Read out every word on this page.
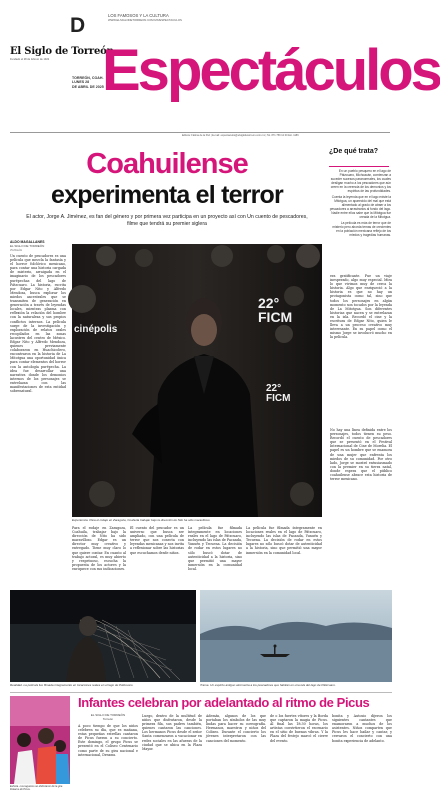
El Siglo de Torreón
Fundado el 28 de febrero de 1922
D
TORREÓN, COAH.
LUNES 28
DE ABRIL DE 2025
LOS FAMOSOS Y LA CULTURA
WWW.ELSIGLODETORREON.COM.MX/ESPECTACULOS
Espectáculos
Editora: Fátima de la Paz | E-mail: espectaculos@elsiglodetorreon.com.mx | Tel. 871 759 12 00 Ext. 1186
¿De qué trata?

En un pueblo pesquero en el lago de Pátzcuaro, Michoacán, comienzan a suceder sucesos paranormales, los cuales desligan mucho a los pescadores que aún creen en la creencia de los demonios y los espíritus de las profundidades.

Cuenta la leyenda que en el lago existe la Mitotgua, un aparecido del mal que está alimentado al grado de atraer a los pescadores a arrastrarlos al fondo del lago. Nadie entre ellos sabe que la Mitotgua fue creada de la Mitotgua.

La película es más de terror que de misterio pero aborda temas de crecientes en la población mexicana reflejo de los miedos y tragedias humanas.

Coahuilense
experimenta el terror
El actor, Jorge A. Jiménez, es fan del género y por primera vez participa en un proyecto así con Un cuento de pescadores, filme que tendrá su premier siglera
ALDO MAGALLANES
EL SIGLO DE TORREÓN
Torreón
Un cuento de pescadores es una película que mezcla la fantasía y el horror folclórico mexicano, para contar una historia cargada de misterio, arraigada en el imaginario de los pescadores purépechas del lago de Pátzcuaro. La historia, escrita por Edgar Nito y Alfredo Mendoza, busca explorar los miedos ancestrales que se transmiten de generación en generación a través de leyendas locales, mientras plasma con reflexión la relación del hombre con la naturaleza y sus propios conflictos internos. La película surge de la investigación y exploración de relatos orales recopilados en las zonas lacustres del centro de México. Edgar Nito y Alfredo Mendoza, quienes previamente colaboraron en Huachicolero, encontraron en la historia de La Mitotgua una oportunidad única para contar elementos del horror con la antología purépecha. La idea fue desarrollar una narrativa donde los demonios internos de los personajes se entrelazan con las manifestaciones de esta entidad sobrenatural.
cinépolis
22°
FICM
22°
FICM
Experiencia. Para el rodaje en Zaragoza, Coahuila trabajar bajo la dirección de Nito ha sido maravilloso.
Para el rodaje en Zaragoza, Coahuila, trabajar bajo la dirección de Nito ha sido maravilloso. Edgar es un director muy creativo y entregado. Tiene muy claro lo que quiere contar. En cuanto al trabajo actoral, es muy abierto y respetuoso, escucha la propuesta de los actores y la enriquece con sus indicaciones.
El cuento del pescador es un universo que busca ser ampliado, con una película de terror que nos conecta con leyendas mexicanas y nos invita a reflexionar sobre las historias que escuchamos desde niños.
La película fue filmada íntegramente en locaciones reales en el lago de Pátzcuaro, incluyendo las islas de Pacanda, Yunuén y Tecuena. La decisión de rodar en estos lugares no sólo buscó dotar de autenticidad a la historia, sino que permitió una mayor inmersión en la comunidad local.
La película fue filmada íntegramente en locaciones reales en el lago de Pátzcuaro, incluyendo las islas de Pacanda, Yunuén y Tecuena. La decisión de rodar en estos lugares no sólo buscó dotar de autenticidad a la historia, sino que permitió una mayor inmersión en la comunidad local.
era gratificante. Fue un viaje inesperado, algo muy especial. Mira lo que vivimos muy de cerca la historia. Algo que enriqueció a la historia es que no hay un protagonista como tal, sino que todos los personajes en algún momento son tocados por la leyenda de La Mitotgua. Son diferentes historias que nacen y se entrelazan en la isla. Recordó el cine y la escritura de Edgar Nito, quien le lleva a un proceso creativo muy interesante. En su papel como el mismo Jorge se involucró mucho en la película.
No hay una línea definida entre los personajes, todos tienen su peso. Recordó el cuento de pescadores que se presentó en el Festival Internacional de Cine de Morelia. El papel es un hombre que se enamora de una mujer que enfrenta los miedos de su comunidad. Por otro lado, Jorge se mostró entusiasmado con la premier en su tierra natal, donde espera que el público coahuilense abrace esta historia de terror mexicano.
Realidad. La película fue filmada íntegramente en locaciones reales en el lago de Pátzcuaro.	Trama. Un espíritu antiguo atormenta a los pescadores que habitan en una isla del lago de Pátzcuaro.
Euforia. Los lagueros se disfrutaron de la gira Dreams de Picus.
Infantes celebran por adelantado al ritmo de Picus
EL SIGLO DE TORREÓN
Torreón
A poco tiempo de que los niños celebren su día, que es mañana, estas pequeñas estrellas cantaron de Picus fueron a su concierto. Este domingo, el grupo Picus se presentó en el Coliseo Centenario como parte de su gira nacional e internacional, Dreams.
Luego, dentro de la multitud de niños que disfrutaron, desde la primera fila, sus padres también, quienes cantaron las canciones. Los hermanos Picus desde el señor Santa comenzaron a vacacionar en redes sociales en las afueras de la ciudad que se ubica en la Plaza Mayor.
Además, algunos de los que portaban los símbolos de las muy lindas para hacer su coreografía. Hermanos, maestros y niños del Coliseo. Durante el concierto los jóvenes interpretaron con las canciones del momento.
de o los fuertes vítores y la Borda que captaron la magia de Picus. Al final las 18:30 horas, los artistas convirtieron el escenario en el sitio de buenas vibras. Y la Plaza del festejo marcó el cierre del evento.
bonita y Autosio dijeron los siguientes cantantes que enamoraron a muchos de los asistentes. Niños comparten que Picus les hace bailar y cantar, y cerraron el concierto con una bonita experiencia de adelanto.
